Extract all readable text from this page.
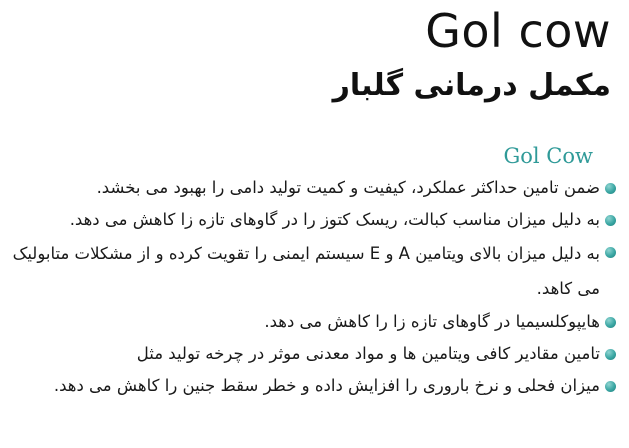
Gol cow
مکمل درمانی گلبار
Gol Cow
ضمن تامین حداکثر عملکرد، کیفیت و کمیت تولید دامی را بهبود می بخشد.
به دلیل میزان مناسب کبالت، ریسک کتوز را در گاوهای تازه زا کاهش می دهد.
به دلیل میزان بالای ویتامین A و E سیستم ایمنی را تقویت کرده و از مشکلات متابولیک می کاهد.
هایپوکلسیمیا در گاوهای تازه زا را کاهش می دهد.
تامین مقادیر کافی ویتامین ها و مواد معدنی موثر در چرخه تولید مثل
میزان فحلی و نرخ باروری را افزایش داده و خطر سقط جنین را کاهش می دهد.
